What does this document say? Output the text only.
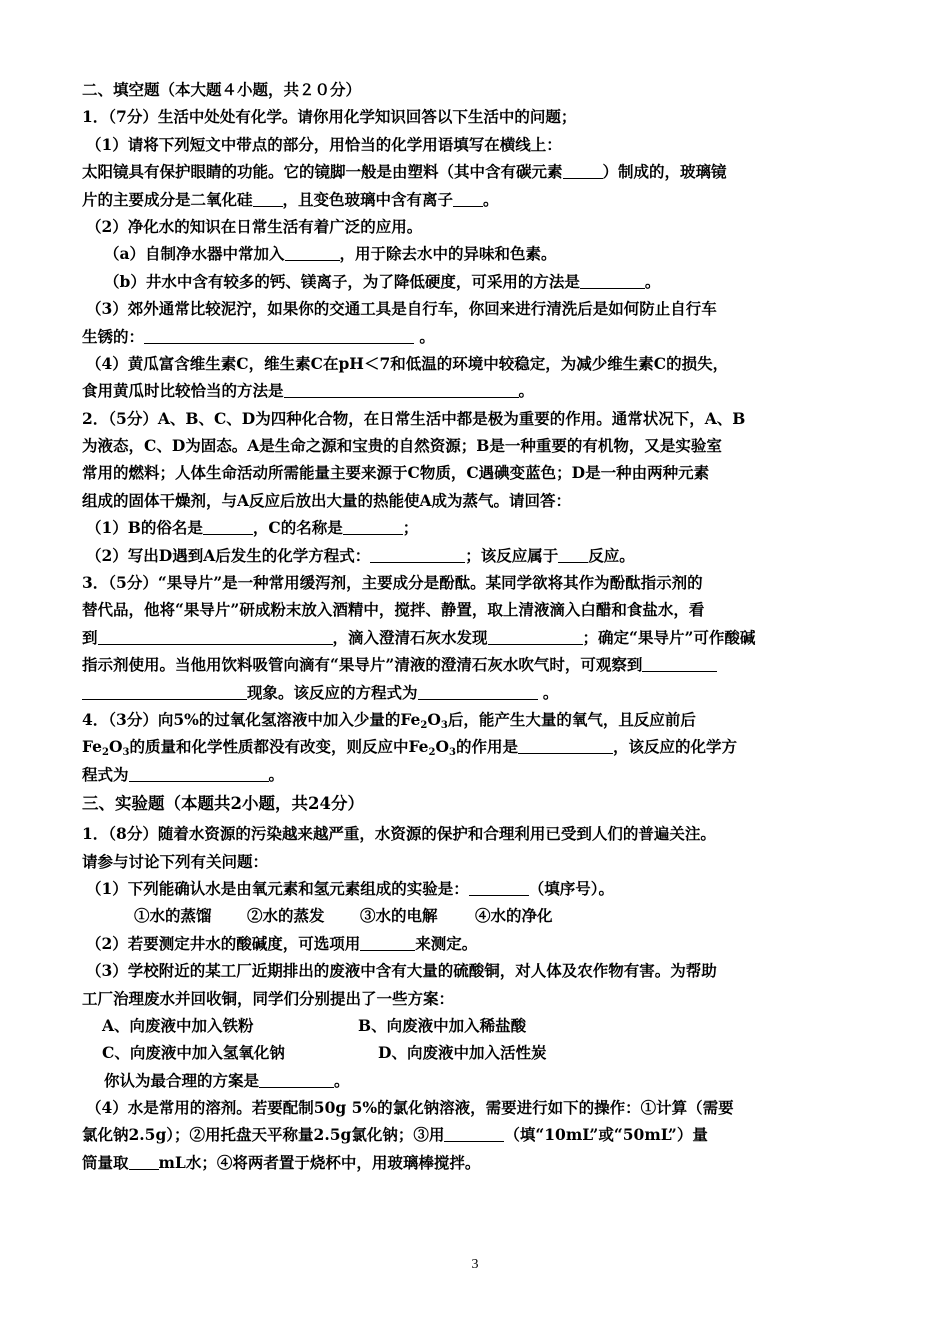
二、填空题（本大题４小题，共２０分）
1．（7分）生活中处处有化学。请你用化学知识回答以下生活中的问题；
（1）请将下列短文中带点的部分，用恰当的化学用语填写在横线上：
太阳镜具有保护眼睛的功能。它的镜脚一般是由塑料（其中含有碳元素	）制成的，玻璃镜
片的主要成分是二氧化硅 ，且变色玻璃中含有离子 。
（2）净化水的知识在日常生活有着广泛的应用。
（a）自制净水器中常加入	，用于除去水中的异味和色素。
（b）井水中含有较多的钙、镁离子，为了降低硬度，可采用的方法是	。
（3）郊外通常比较泥泞，如果你的交通工具是自行车，你回来进行清洗后是如何防止自行车
生锈的：	。
（4）黄瓜富含维生素C，维生素C在pH＜7和低温的环境中较稳定，为减少维生素C的损失，
食用黄瓜时比较恰当的方法是	。
2．（5分）A、B、C、D为四种化合物，在日常生活中都是极为重要的作用。通常状况下，A、B
为液态，C、D为固态。A是生命之源和宝贵的自然资源；B是一种重要的有机物，又是实验室
常用的燃料；人体生命活动所需能量主要来源于C物质，C遇碘变蓝色；D是一种由两种元素
组成的固体干燥剂，与A反应后放出大量的热能使A成为蒸气。请回答：
（1）B的俗名是	，C的名称是	；
（2）写出D遇到A后发生的化学方程式：	；该反应属于 反应。
3．（5分）“果导片”是一种常用缓泻剂，主要成分是酚酞。某同学欲将其作为酚酞指示剂的
替代品，他将“果导片”研成粉末放入酒精中，搅拌、静置，取上清液滴入白醋和食盐水，看
到	，滴入澄清石灰水发现	；确定“果导片”可作酸碱
指示剂使用。当他用饮料吸管向滴有“果导片”清液的澄清石灰水吹气时，可观察到
现象。该反应的方程式为	。
4．（3分）向5%的过氧化氢溶液中加入少量的$Fe_2O_3$后，能产生大量的氧气，且反应前后
$Fe_2O_3$的质量和化学性质都没有改变，则反应中$Fe_2O_3$的作用是	，该反应的化学方
程式为	。
三、实验题（本题共2小题，共24分）
1．（8分）随着水资源的污染越来越严重，水资源的保护和合理利用已受到人们的普遍关注。
请参与讨论下列有关问题：
（1）下列能确认水是由氧元素和氢元素组成的实验是：	（填序号）。
①水的蒸馏 ②水的蒸发 ③水的电解 ④水的净化
（2）若要测定井水的酸碱度，可选项用	来测定。
（3）学校附近的某工厂近期排出的废液中含有大量的硫酸铜，对人体及农作物有害。为帮助
工厂治理废水并回收铜，同学们分别提出了一些方案：
A、向废液中加入铁粉	B、向废液中加入稀盐酸
C、向废液中加入氢氧化钠	D、向废液中加入活性炭
你认为最合理的方案是	。
（4）水是常用的溶剂。若要配制50g 5%的氯化钠溶液，需要进行如下的操作：①计算（需要
氯化钠2.5g）；②用托盘天平称量2.5g氯化钠；③用	（填“10mL”或“50mL”）量
筒量取 mL水；④将两者置于烧杯中，用玻璃棒搅拌。
3
